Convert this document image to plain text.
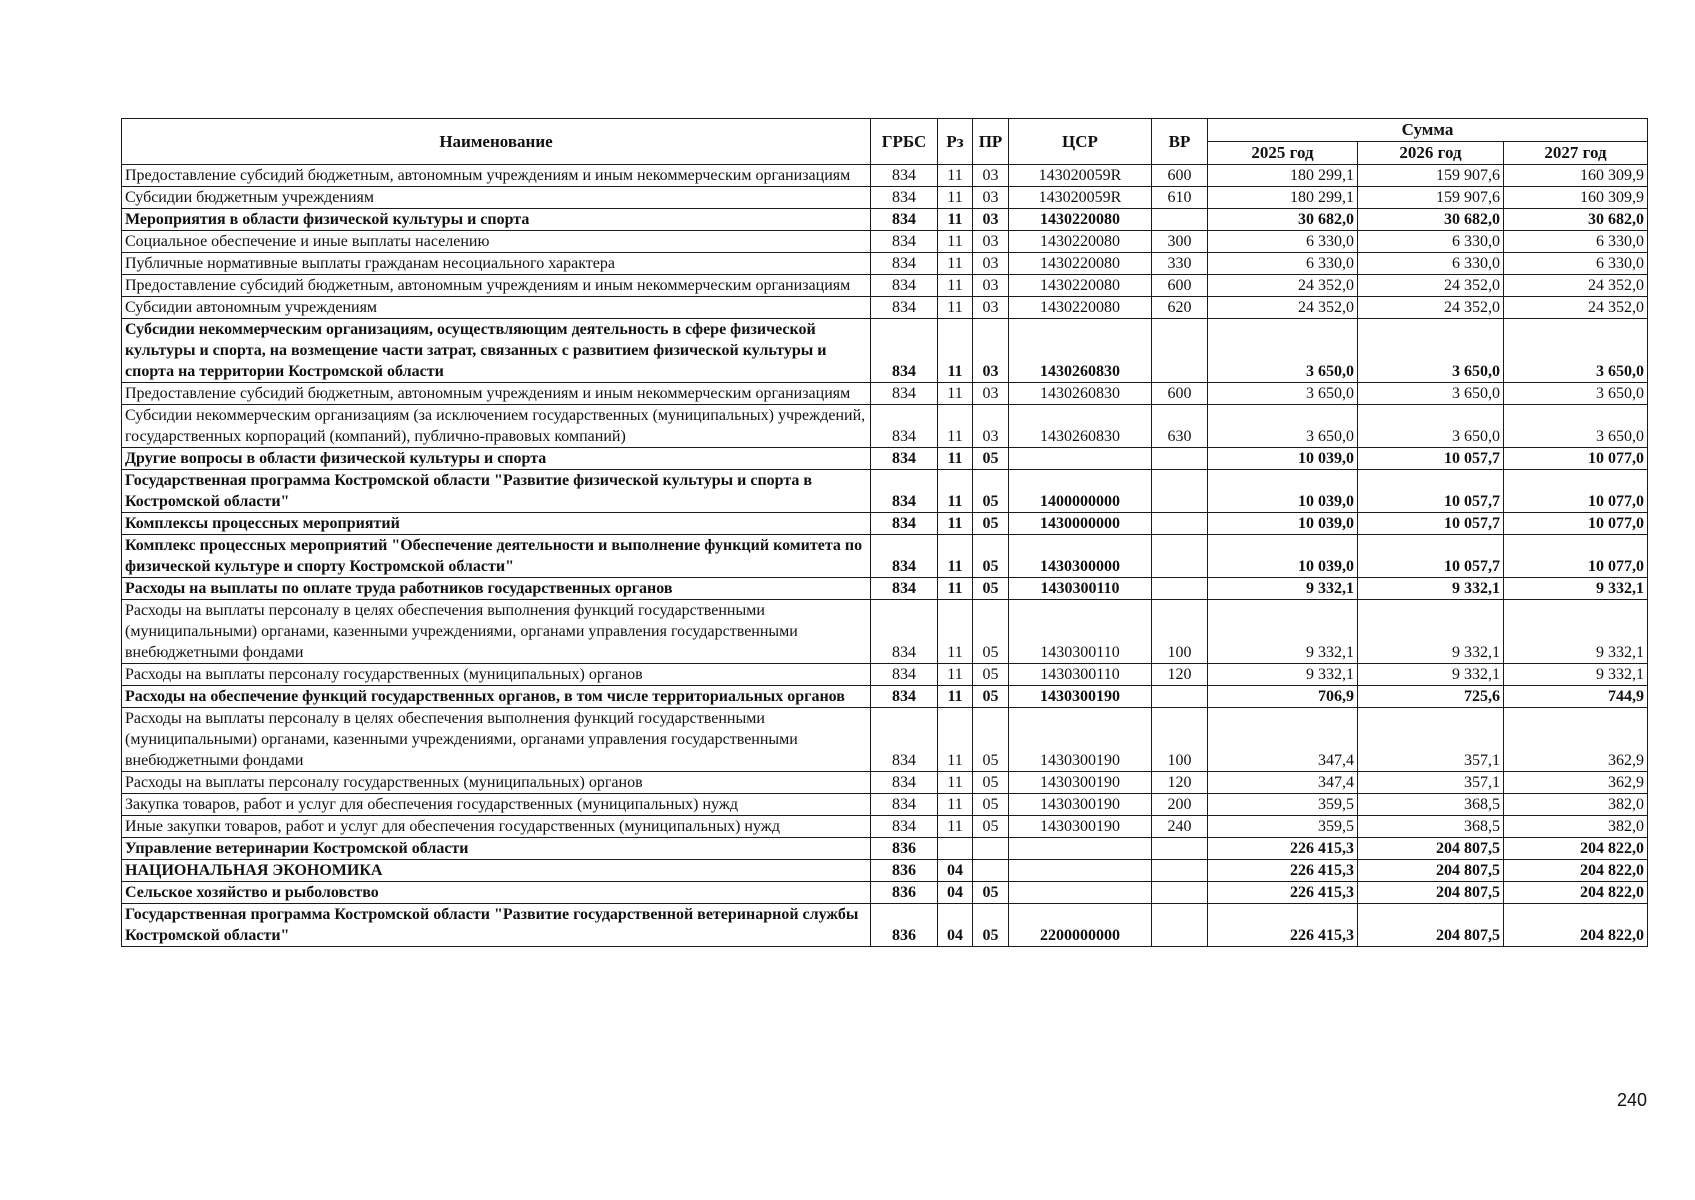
Наименование	ГРБС	Рз	ПР	ЦСР	ВР	Сумма		
						2025 год	2026 год	2027 год
Предоставление субсидий бюджетным, автономным учреждениям и иным некоммерческим организациям	834	11	03	143020059R	600	180 299,1	159 907,6	160 309,9
Субсидии бюджетным учреждениям	834	11	03	143020059R	610	180 299,1	159 907,6	160 309,9
Мероприятия в области физической культуры и спорта	834	11	03	1430220080		30 682,0	30 682,0	30 682,0
Социальное обеспечение и иные выплаты населению	834	11	03	1430220080	300	6 330,0	6 330,0	6 330,0
Публичные нормативные выплаты гражданам несоциального характера	834	11	03	1430220080	330	6 330,0	6 330,0	6 330,0
Предоставление субсидий бюджетным, автономным учреждениям и иным некоммерческим организациям	834	11	03	1430220080	600	24 352,0	24 352,0	24 352,0
Субсидии автономным учреждениям	834	11	03	1430220080	620	24 352,0	24 352,0	24 352,0
Субсидии некоммерческим организациям, осуществляющим деятельность в сфере физической культуры и спорта, на возмещение части затрат, связанных с развитием физической культуры и спорта на территории Костромской области	834	11	03	1430260830		3 650,0	3 650,0	3 650,0
Предоставление субсидий бюджетным, автономным учреждениям и иным некоммерческим организациям	834	11	03	1430260830	600	3 650,0	3 650,0	3 650,0
Субсидии некоммерческим организациям (за исключением государственных (муниципальных) учреждений, государственных корпораций (компаний), публично-правовых компаний)	834	11	03	1430260830	630	3 650,0	3 650,0	3 650,0
Другие вопросы в области физической культуры и спорта	834	11	05			10 039,0	10 057,7	10 077,0
Государственная программа Костромской области "Развитие физической культуры и спорта в Костромской области"	834	11	05	1400000000		10 039,0	10 057,7	10 077,0
Комплексы процессных мероприятий	834	11	05	1430000000		10 039,0	10 057,7	10 077,0
Комплекс процессных мероприятий "Обеспечение деятельности и выполнение функций комитета по физической культуре и спорту Костромской области"	834	11	05	1430300000		10 039,0	10 057,7	10 077,0
Расходы на выплаты по оплате труда работников государственных органов	834	11	05	1430300110		9 332,1	9 332,1	9 332,1
Расходы на выплаты персоналу в целях обеспечения выполнения функций государственными (муниципальными) органами, казенными учреждениями, органами управления государственными внебюджетными фондами	834	11	05	1430300110	100	9 332,1	9 332,1	9 332,1
Расходы на выплаты персоналу государственных (муниципальных) органов	834	11	05	1430300110	120	9 332,1	9 332,1	9 332,1
Расходы на обеспечение функций государственных органов, в том числе территориальных органов	834	11	05	1430300190		706,9	725,6	744,9
Расходы на выплаты персоналу в целях обеспечения выполнения функций государственными (муниципальными) органами, казенными учреждениями, органами управления государственными внебюджетными фондами	834	11	05	1430300190	100	347,4	357,1	362,9
Расходы на выплаты персоналу государственных (муниципальных) органов	834	11	05	1430300190	120	347,4	357,1	362,9
Закупка товаров, работ и услуг для обеспечения государственных (муниципальных) нужд	834	11	05	1430300190	200	359,5	368,5	382,0
Иные закупки товаров, работ и услуг для обеспечения государственных (муниципальных) нужд	834	11	05	1430300190	240	359,5	368,5	382,0
Управление ветеринарии Костромской области	836					226 415,3	204 807,5	204 822,0
НАЦИОНАЛЬНАЯ ЭКОНОМИКА	836	04				226 415,3	204 807,5	204 822,0
Сельское хозяйство и рыболовство	836	04	05			226 415,3	204 807,5	204 822,0
Государственная программа Костромской области "Развитие государственной ветеринарной службы Костромской области"	836	04	05	2200000000		226 415,3	204 807,5	204 822,0
240
